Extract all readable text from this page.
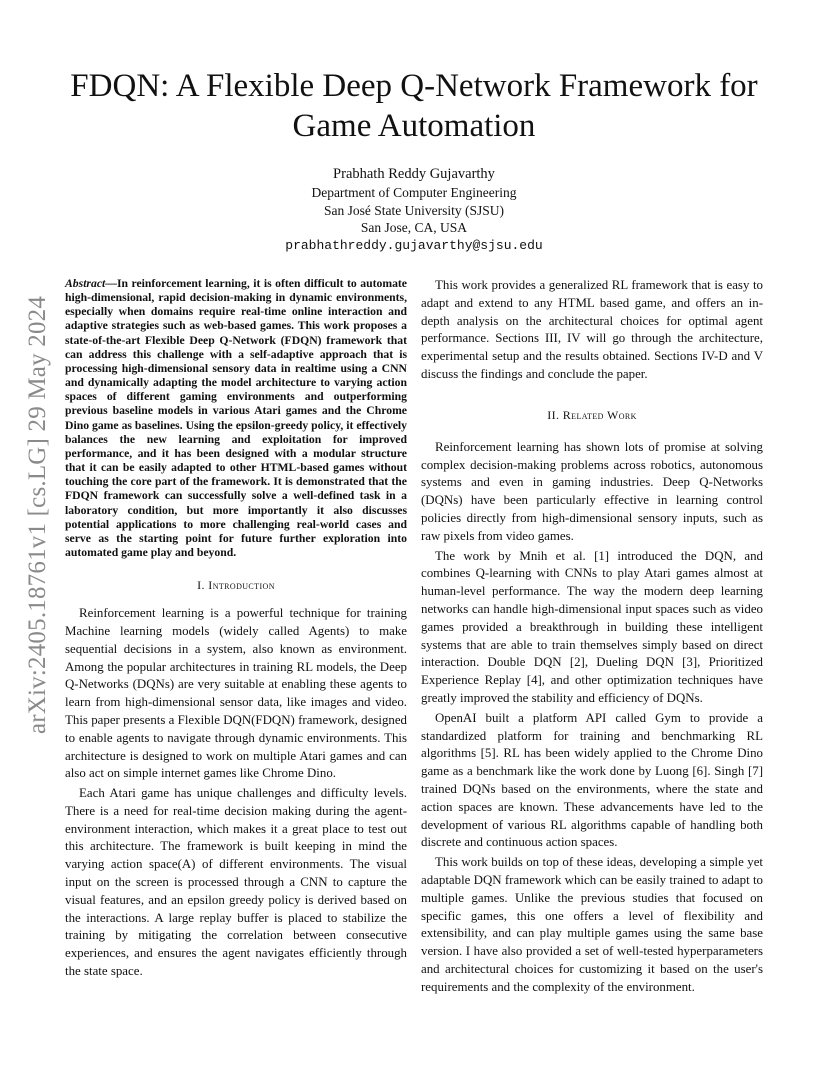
arXiv:2405.18761v1 [cs.LG] 29 May 2024
FDQN: A Flexible Deep Q-Network Framework for Game Automation
Prabhath Reddy Gujavarthy
Department of Computer Engineering
San José State University (SJSU)
San Jose, CA, USA
prabhathreddy.gujavarthy@sjsu.edu

Abstract—In reinforcement learning, it is often difficult to automate high-dimensional, rapid decision-making in dynamic environments, especially when domains require real-time online interaction and adaptive strategies such as web-based games. This work proposes a state-of-the-art Flexible Deep Q-Network (FDQN) framework that can address this challenge with a self-adaptive approach that is processing high-dimensional sensory data in realtime using a CNN and dynamically adapting the model architecture to varying action spaces of different gaming environments and outperforming previous baseline models in various Atari games and the Chrome Dino game as baselines. Using the epsilon-greedy policy, it effectively balances the new learning and exploitation for improved performance, and it has been designed with a modular structure that it can be easily adapted to other HTML-based games without touching the core part of the framework. It is demonstrated that the FDQN framework can successfully solve a well-defined task in a laboratory condition, but more importantly it also discusses potential applications to more challenging real-world cases and serve as the starting point for future further exploration into automated game play and beyond.

I. Introduction

Reinforcement learning is a powerful technique for training Machine learning models (widely called Agents) to make sequential decisions in a system, also known as environment. Among the popular architectures in training RL models, the Deep Q-Networks (DQNs) are very suitable at enabling these agents to learn from high-dimensional sensor data, like images and video. This paper presents a Flexible DQN(FDQN) framework, designed to enable agents to navigate through dynamic environments. This architecture is designed to work on multiple Atari games and can also act on simple internet games like Chrome Dino.

Each Atari game has unique challenges and difficulty levels. There is a need for real-time decision making during the agent-environment interaction, which makes it a great place to test out this architecture. The framework is built keeping in mind the varying action space(A) of different environments. The visual input on the screen is processed through a CNN to capture the visual features, and an epsilon greedy policy is derived based on the interactions. A large replay buffer is placed to stabilize the training by mitigating the correlation between consecutive experiences, and ensures the agent navigates efficiently through the state space.

This work provides a generalized RL framework that is easy to adapt and extend to any HTML based game, and offers an in-depth analysis on the architectural choices for optimal agent performance. Sections III, IV will go through the architecture, experimental setup and the results obtained. Sections IV-D and V discuss the findings and conclude the paper.

II. Related Work

Reinforcement learning has shown lots of promise at solving complex decision-making problems across robotics, autonomous systems and even in gaming industries. Deep Q-Networks (DQNs) have been particularly effective in learning control policies directly from high-dimensional sensory inputs, such as raw pixels from video games.

The work by Mnih et al. [1] introduced the DQN, and combines Q-learning with CNNs to play Atari games almost at human-level performance. The way the modern deep learning networks can handle high-dimensional input spaces such as video games provided a breakthrough in building these intelligent systems that are able to train themselves simply based on direct interaction. Double DQN [2], Dueling DQN [3], Prioritized Experience Replay [4], and other optimization techniques have greatly improved the stability and efficiency of DQNs.

OpenAI built a platform API called Gym to provide a standardized platform for training and benchmarking RL algorithms [5]. RL has been widely applied to the Chrome Dino game as a benchmark like the work done by Luong [6]. Singh [7] trained DQNs based on the environments, where the state and action spaces are known. These advancements have led to the development of various RL algorithms capable of handling both discrete and continuous action spaces.

This work builds on top of these ideas, developing a simple yet adaptable DQN framework which can be easily trained to adapt to multiple games. Unlike the previous studies that focused on specific games, this one offers a level of flexibility and extensibility, and can play multiple games using the same base version. I have also provided a set of well-tested hyperparameters and architectural choices for customizing it based on the user's requirements and the complexity of the environment.
